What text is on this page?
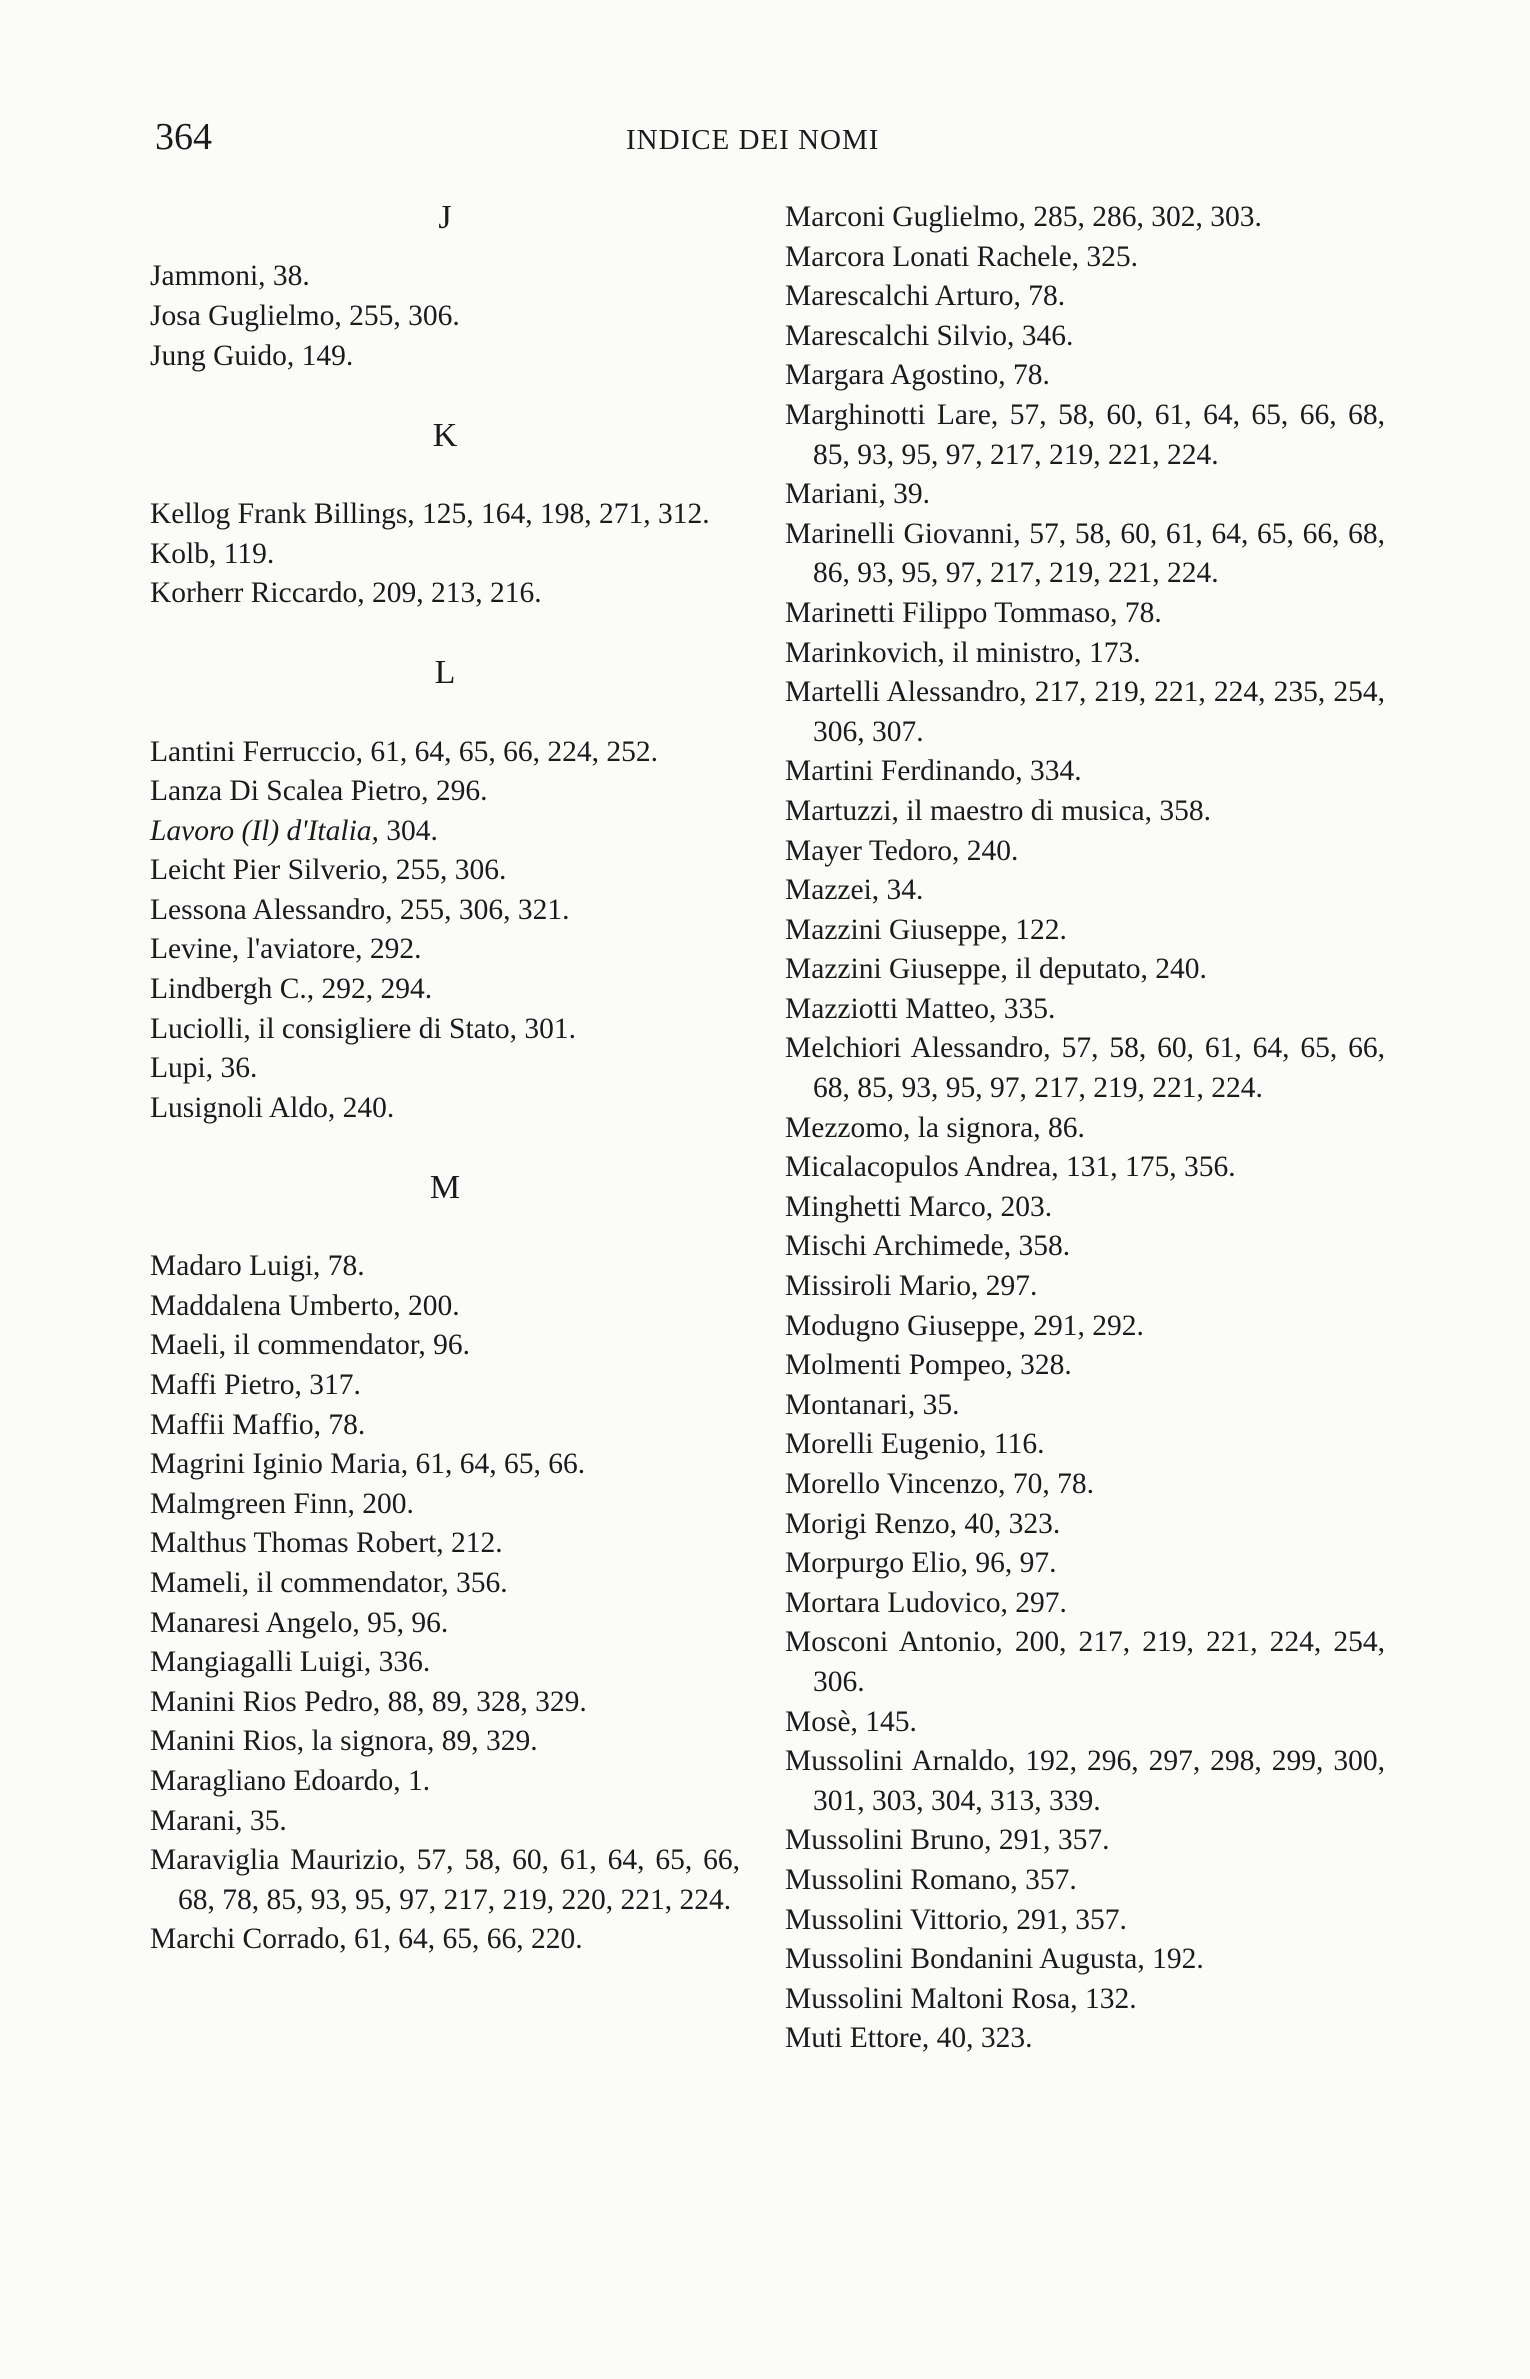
364	INDICE DEI NOMI

J

Jammoni, 38.

Josa Guglielmo, 255, 306.

Jung Guido, 149.

K

Kellog Frank Billings, 125, 164, 198, 271, 312.

Kolb, 119.

Korherr Riccardo, 209, 213, 216.

L

Lantini Ferruccio, 61, 64, 65, 66, 224, 252.

Lanza Di Scalea Pietro, 296.

Lavoro (Il) d'Italia, 304.

Leicht Pier Silverio, 255, 306.

Lessona Alessandro, 255, 306, 321.

Levine, l'aviatore, 292.

Lindbergh C., 292, 294.

Luciolli, il consigliere di Stato, 301.

Lupi, 36.

Lusignoli Aldo, 240.

M

Madaro Luigi, 78.

Maddalena Umberto, 200.

Maeli, il commendator, 96.

Maffi Pietro, 317.

Maffii Maffio, 78.

Magrini Iginio Maria, 61, 64, 65, 66.

Malmgreen Finn, 200.

Malthus Thomas Robert, 212.

Mameli, il commendator, 356.

Manaresi Angelo, 95, 96.

Mangiagalli Luigi, 336.

Manini Rios Pedro, 88, 89, 328, 329.

Manini Rios, la signora, 89, 329.

Maragliano Edoardo, 1.

Marani, 35.

Maraviglia Maurizio, 57, 58, 60, 61, 64, 65, 66, 68, 78, 85, 93, 95, 97, 217, 219, 220, 221, 224.

Marchi Corrado, 61, 64, 65, 66, 220.

Marconi Guglielmo, 285, 286, 302, 303.

Marcora Lonati Rachele, 325.

Marescalchi Arturo, 78.

Marescalchi Silvio, 346.

Margara Agostino, 78.

Marghinotti Lare, 57, 58, 60, 61, 64, 65, 66, 68, 85, 93, 95, 97, 217, 219, 221, 224.

Mariani, 39.

Marinelli Giovanni, 57, 58, 60, 61, 64, 65, 66, 68, 86, 93, 95, 97, 217, 219, 221, 224.

Marinetti Filippo Tommaso, 78.

Marinkovich, il ministro, 173.

Martelli Alessandro, 217, 219, 221, 224, 235, 254, 306, 307.

Martini Ferdinando, 334.

Martuzzi, il maestro di musica, 358.

Mayer Tedoro, 240.

Mazzei, 34.

Mazzini Giuseppe, 122.

Mazzini Giuseppe, il deputato, 240.

Mazziotti Matteo, 335.

Melchiori Alessandro, 57, 58, 60, 61, 64, 65, 66, 68, 85, 93, 95, 97, 217, 219, 221, 224.

Mezzomo, la signora, 86.

Micalacopulos Andrea, 131, 175, 356.

Minghetti Marco, 203.

Mischi Archimede, 358.

Missiroli Mario, 297.

Modugno Giuseppe, 291, 292.

Molmenti Pompeo, 328.

Montanari, 35.

Morelli Eugenio, 116.

Morello Vincenzo, 70, 78.

Morigi Renzo, 40, 323.

Morpurgo Elio, 96, 97.

Mortara Ludovico, 297.

Mosconi Antonio, 200, 217, 219, 221, 224, 254, 306.

Mosè, 145.

Mussolini Arnaldo, 192, 296, 297, 298, 299, 300, 301, 303, 304, 313, 339.

Mussolini Bruno, 291, 357.

Mussolini Romano, 357.

Mussolini Vittorio, 291, 357.

Mussolini Bondanini Augusta, 192.

Mussolini Maltoni Rosa, 132.

Muti Ettore, 40, 323.
